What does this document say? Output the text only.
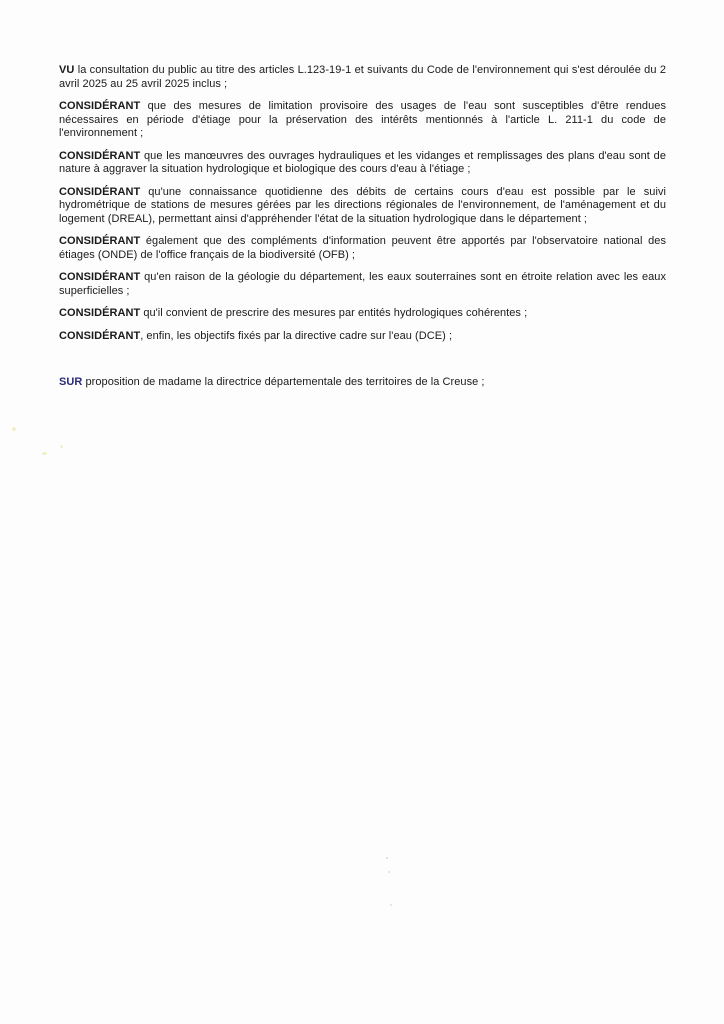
VU la consultation du public au titre des articles L.123-19-1 et suivants du Code de l'environnement qui s'est déroulée du 2 avril 2025 au 25 avril 2025 inclus ;

CONSIDÉRANT que des mesures de limitation provisoire des usages de l'eau sont susceptibles d'être rendues nécessaires en période d'étiage pour la préservation des intérêts mentionnés à l'article L. 211-1 du code de l'environnement ;

CONSIDÉRANT que les manœuvres des ouvrages hydrauliques et les vidanges et remplissages des plans d'eau sont de nature à aggraver la situation hydrologique et biologique des cours d'eau à l'étiage ;

CONSIDÉRANT qu'une connaissance quotidienne des débits de certains cours d'eau est possible par le suivi hydrométrique de stations de mesures gérées par les directions régionales de l'environnement, de l'aménagement et du logement (DREAL), permettant ainsi d'appréhender l'état de la situation hydrologique dans le département ;

CONSIDÉRANT également que des compléments d'information peuvent être apportés par l'observatoire national des étiages (ONDE) de l'office français de la biodiversité (OFB) ;

CONSIDÉRANT qu'en raison de la géologie du département, les eaux souterraines sont en étroite relation avec les eaux superficielles ;

CONSIDÉRANT qu'il convient de prescrire des mesures par entités hydrologiques cohérentes ;

CONSIDÉRANT, enfin, les objectifs fixés par la directive cadre sur l'eau (DCE) ;

SUR proposition de madame la directrice départementale des territoires de la Creuse ;
